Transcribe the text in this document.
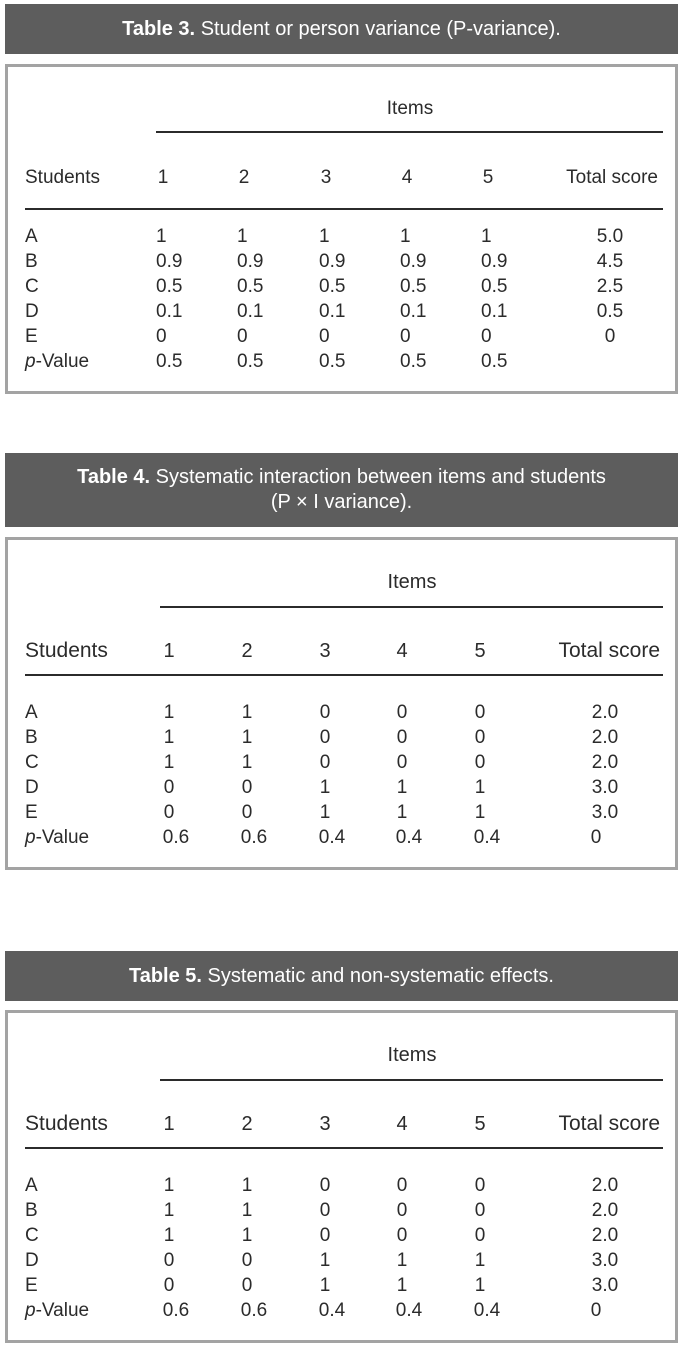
Table 3. Student or person variance (P-variance).
Items
Students	1	2	3	4	5	Total score
A	1	1	1	1	1	5.0
B	0.9	0.9	0.9	0.9	0.9	4.5
C	0.5	0.5	0.5	0.5	0.5	2.5
D	0.1	0.1	0.1	0.1	0.1	0.5
E	0	0	0	0	0	0
p-Value	0.5	0.5	0.5	0.5	0.5
Table 4. Systematic interaction between items and students
(P × I variance).
Items
Students	1	2	3	4	5	Total score
A	1	1	0	0	0	2.0
B	1	1	0	0	0	2.0
C	1	1	0	0	0	2.0
D	0	0	1	1	1	3.0
E	0	0	1	1	1	3.0
p-Value	0.6	0.6	0.4	0.4	0.4	0
Table 5. Systematic and non-systematic effects.
Items
Students	1	2	3	4	5	Total score
A	1	1	0	0	0	2.0
B	1	1	0	0	0	2.0
C	1	1	0	0	0	2.0
D	0	0	1	1	1	3.0
E	0	0	1	1	1	3.0
p-Value	0.6	0.6	0.4	0.4	0.4	0
